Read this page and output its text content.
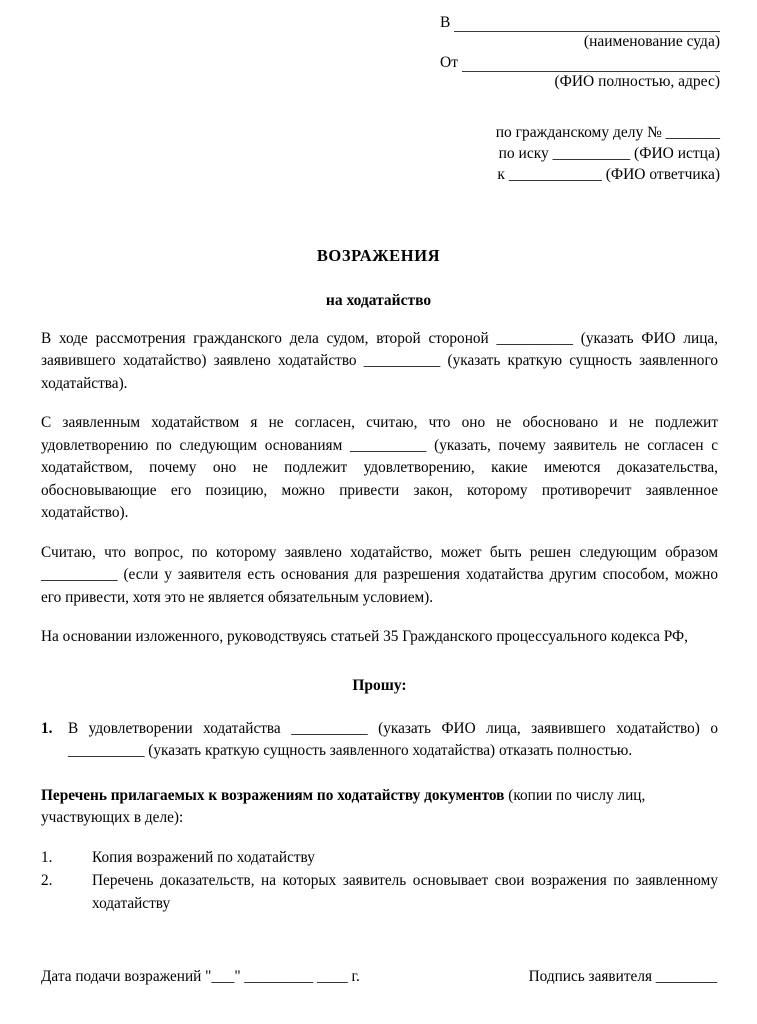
В
(наименование суда)
От
(ФИО полностью, адрес)
по гражданскому делу № _______
по иску __________ (ФИО истца)
к ____________ (ФИО ответчика)
ВОЗРАЖЕНИЯ
на ходатайство

В ходе рассмотрения гражданского дела судом, второй стороной __________ (указать ФИО лица, заявившего ходатайство) заявлено ходатайство __________ (указать краткую сущность заявленного ходатайства).

С заявленным ходатайством я не согласен, считаю, что оно не обосновано и не подлежит удовлетворению по следующим основаниям __________ (указать, почему заявитель не согласен с ходатайством, почему оно не подлежит удовлетворению, какие имеются доказательства, обосновывающие его позицию, можно привести закон, которому противоречит заявленное ходатайство).

Считаю, что вопрос, по которому заявлено ходатайство, может быть решен следующим образом __________ (если у заявителя есть основания для разрешения ходатайства другим способом, можно его привести, хотя это не является обязательным условием).

На основании изложенного, руководствуясь статьей 35 Гражданского процессуального кодекса РФ,

Прошу:
1.	В удовлетворении ходатайства __________ (указать ФИО лица, заявившего ходатайство) о __________ (указать краткую сущность заявленного ходатайства) отказать полностью.

Перечень прилагаемых к возражениям по ходатайству документов (копии по числу лиц, участвующих в деле):

1.	Копия возражений по ходатайству
2.	Перечень доказательств, на которых заявитель основывает свои возражения по заявленному ходатайству
Дата подачи возражений "___" _________ ____ г.	Подпись заявителя ________
